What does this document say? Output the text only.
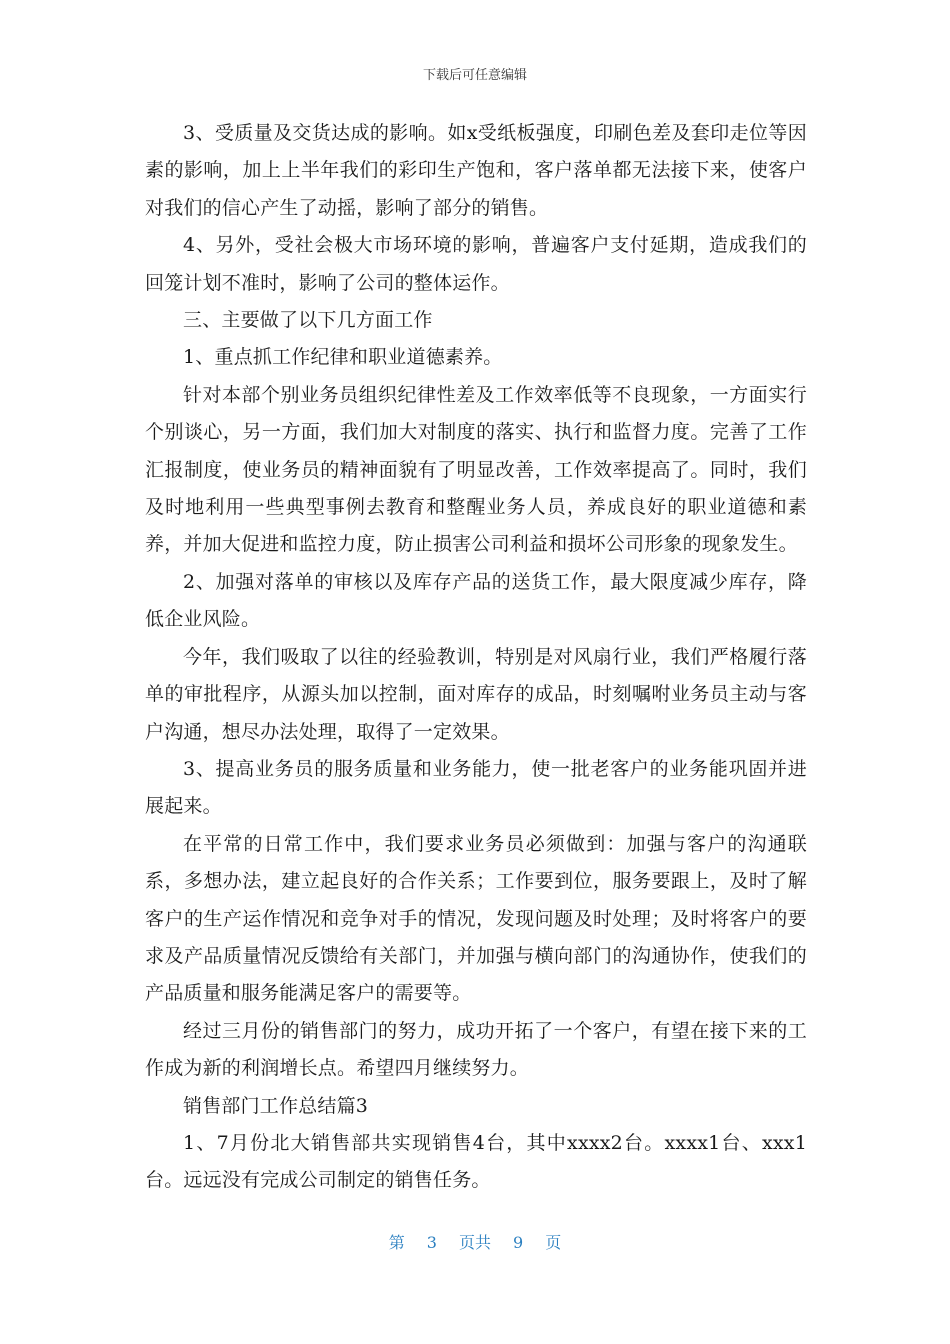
下载后可任意编辑

3、受质量及交货达成的影响。如x受纸板强度，印刷色差及套印走位等因素的影响，加上上半年我们的彩印生产饱和，客户落单都无法接下来，使客户对我们的信心产生了动摇，影响了部分的销售。

4、另外，受社会极大市场环境的影响，普遍客户支付延期，造成我们的回笼计划不准时，影响了公司的整体运作。

三、主要做了以下几方面工作

1、重点抓工作纪律和职业道德素养。

针对本部个别业务员组织纪律性差及工作效率低等不良现象，一方面实行个别谈心，另一方面，我们加大对制度的落实、执行和监督力度。完善了工作汇报制度，使业务员的精神面貌有了明显改善，工作效率提高了。同时，我们及时地利用一些典型事例去教育和整醒业务人员，养成良好的职业道德和素养，并加大促进和监控力度，防止损害公司利益和损坏公司形象的现象发生。

2、加强对落单的审核以及库存产品的送货工作，最大限度减少库存，降低企业风险。

今年，我们吸取了以往的经验教训，特别是对风扇行业，我们严格履行落单的审批程序，从源头加以控制，面对库存的成品，时刻嘱咐业务员主动与客户沟通，想尽办法处理，取得了一定效果。

3、提高业务员的服务质量和业务能力，使一批老客户的业务能巩固并进展起来。

在平常的日常工作中，我们要求业务员必须做到：加强与客户的沟通联系，多想办法，建立起良好的合作关系；工作要到位，服务要跟上，及时了解客户的生产运作情况和竞争对手的情况，发现问题及时处理；及时将客户的要求及产品质量情况反馈给有关部门，并加强与横向部门的沟通协作，使我们的产品质量和服务能满足客户的需要等。

经过三月份的销售部门的努力，成功开拓了一个客户，有望在接下来的工作成为新的利润增长点。希望四月继续努力。

销售部门工作总结篇3

1、7月份北大销售部共实现销售4台，其中xxxx2台。xxxx1台、xxx1台。远远没有完成公司制定的销售任务。

第 3 页共 9 页
